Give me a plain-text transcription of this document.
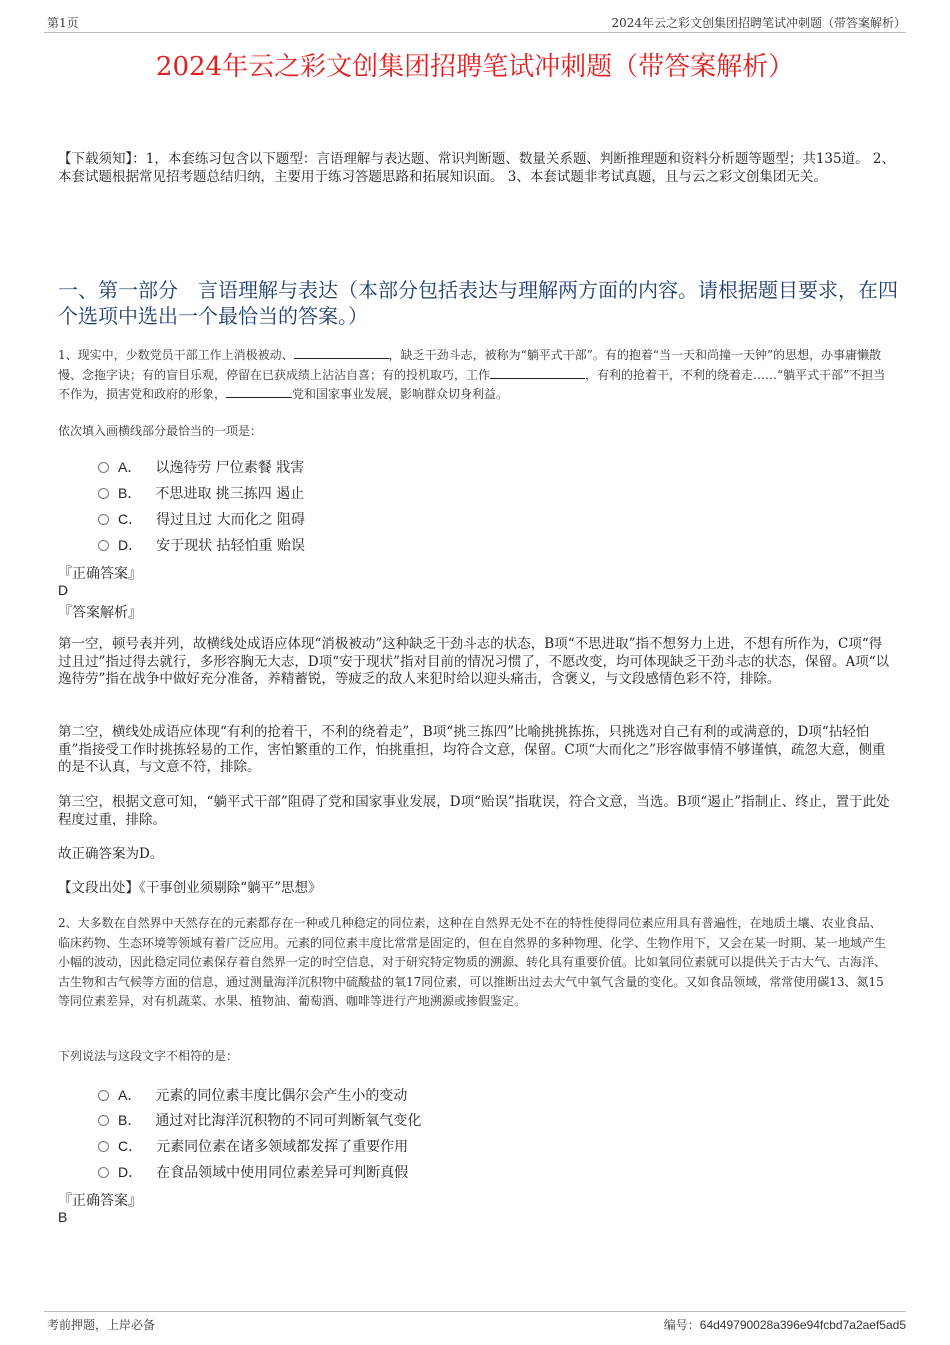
第1页	2024年云之彩文创集团招聘笔试冲刺题（带答案解析）
2024年云之彩文创集团招聘笔试冲刺题（带答案解析）
【下载须知】：1，本套练习包含以下题型：言语理解与表达题、常识判断题、数量关系题、判断推理题和资料分析题等题型；共135道。 2、本套试题根据常见招考题总结归纳，主要用于练习答题思路和拓展知识面。 3、本套试题非考试真题，且与云之彩文创集团无关。
一、第一部分　言语理解与表达（本部分包括表达与理解两方面的内容。请根据题目要求，在四个选项中选出一个最恰当的答案。）
1、现实中，少数党员干部工作上消极被动、	，缺乏干劲斗志，被称为“躺平式干部”。有的抱着“当一天和尚撞一天钟”的思想，办事庸懒散慢、念拖字诀；有的盲目乐观，停留在已获成绩上沾沾自喜；有的投机取巧，工作	，有利的抢着干，不利的绕着走……“躺平式干部”不担当不作为，损害党和政府的形象，	党和国家事业发展，影响群众切身利益。
依次填入画横线部分最恰当的一项是：
A． 以逸待劳 尸位素餐 戕害
B． 不思进取 挑三拣四 遏止
C． 得过且过 大而化之 阻碍
D． 安于现状 拈轻怕重 贻误
『正确答案』
D
『答案解析』
第一空，顿号表并列，故横线处成语应体现“消极被动”这种缺乏干劲斗志的状态，B项“不思进取”指不想努力上进，不想有所作为，C项“得过且过”指过得去就行，多形容胸无大志，D项“安于现状”指对目前的情况习惯了，不愿改变，均可体现缺乏干劲斗志的状态，保留。A项“以逸待劳”指在战争中做好充分准备，养精蓄锐，等疲乏的敌人来犯时给以迎头痛击，含褒义，与文段感情色彩不符，排除。
第二空，横线处成语应体现“有利的抢着干，不利的绕着走”，B项“挑三拣四”比喻挑挑拣拣，只挑选对自己有利的或满意的，D项“拈轻怕重”指接受工作时挑拣轻易的工作，害怕繁重的工作，怕挑重担，均符合文意，保留。C项“大而化之”形容做事情不够谨慎，疏忽大意，侧重的是不认真，与文意不符，排除。
第三空，根据文意可知，“躺平式干部”阻碍了党和国家事业发展，D项“贻误”指耽误，符合文意，当选。B项“遏止”指制止、终止，置于此处程度过重，排除。
故正确答案为D。
【文段出处】《干事创业须剔除“躺平”思想》
2、大多数在自然界中天然存在的元素都存在一种或几种稳定的同位素，这种在自然界无处不在的特性使得同位素应用具有普遍性，在地质土壤、农业食品、临床药物、生态环境等领域有着广泛应用。元素的同位素丰度比常常是固定的，但在自然界的多种物理、化学、生物作用下，又会在某一时期、某一地域产生小幅的波动，因此稳定同位素保存着自然界一定的时空信息，对于研究特定物质的溯源、转化具有重要价值。比如氧同位素就可以提供关于古大气、古海洋、古生物和古气候等方面的信息，通过测量海洋沉积物中硫酸盐的氧17同位素，可以推断出过去大气中氧气含量的变化。又如食品领域，常常使用碳13、氮15等同位素差异，对有机蔬菜、水果、植物油、葡萄酒、咖啡等进行产地溯源或掺假鉴定。
下列说法与这段文字不相符的是：
A． 元素的同位素丰度比偶尔会产生小的变动
B． 通过对比海洋沉积物的不同可判断氧气变化
C． 元素同位素在诸多领域都发挥了重要作用
D． 在食品领域中使用同位素差异可判断真假
『正确答案』
B
考前押题，上岸必备	编号：64d49790028a396e94fcbd7a2aef5ad5
